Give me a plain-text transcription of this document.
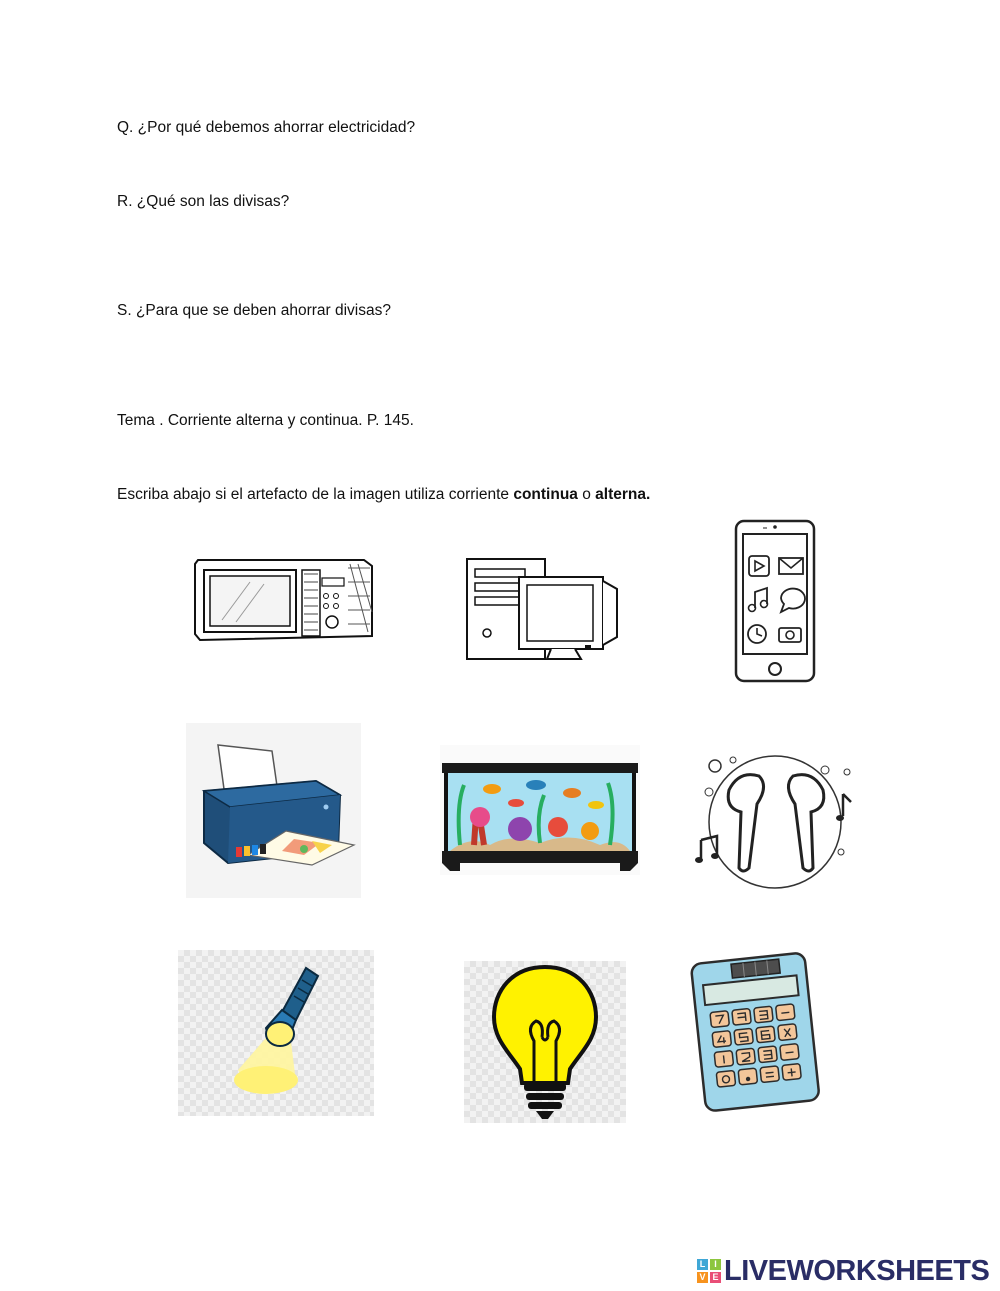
Q. ¿Por qué debemos ahorrar electricidad?
R. ¿Qué son las divisas?
S. ¿Para que se deben ahorrar divisas?
Tema . Corriente alterna y continua. P. 145.
Escriba abajo si el artefacto de la imagen utiliza corriente continua o alterna.
L I
V E LIVEWORKSHEETS
